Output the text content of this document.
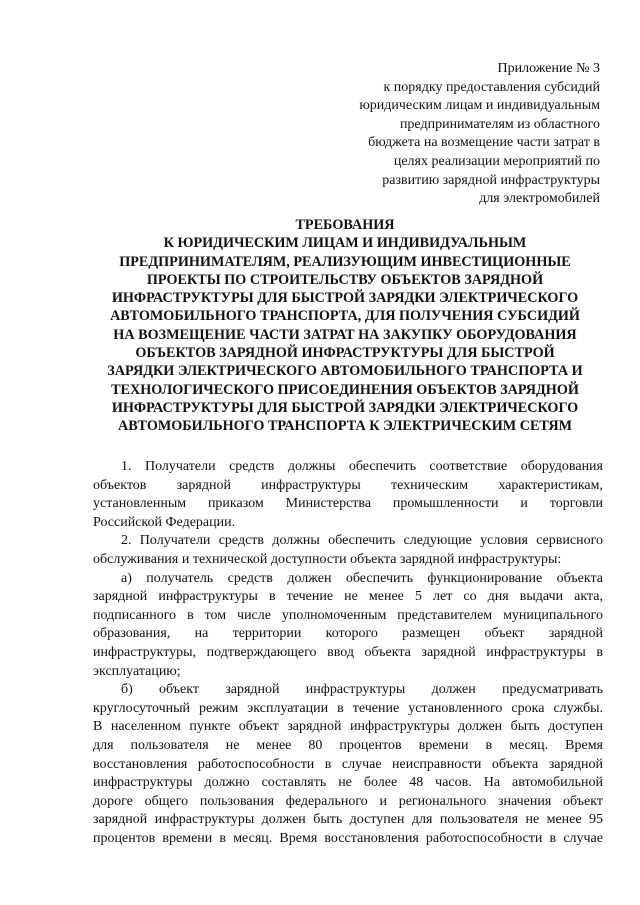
Приложение № 3
к порядку предоставления субсидий
юридическим лицам и индивидуальным
предпринимателям из областного
бюджета на возмещение части затрат в
целях реализации мероприятий по
развитию зарядной инфраструктуры
для электромобилей
ТРЕБОВАНИЯ
К ЮРИДИЧЕСКИМ ЛИЦАМ И ИНДИВИДУАЛЬНЫМ
ПРЕДПРИНИМАТЕЛЯМ, РЕАЛИЗУЮЩИМ ИНВЕСТИЦИОННЫЕ
ПРОЕКТЫ ПО СТРОИТЕЛЬСТВУ ОБЪЕКТОВ ЗАРЯДНОЙ
ИНФРАСТРУКТУРЫ ДЛЯ БЫСТРОЙ ЗАРЯДКИ ЭЛЕКТРИЧЕСКОГО
АВТОМОБИЛЬНОГО ТРАНСПОРТА, ДЛЯ ПОЛУЧЕНИЯ СУБСИДИЙ
НА ВОЗМЕЩЕНИЕ ЧАСТИ ЗАТРАТ НА ЗАКУПКУ ОБОРУДОВАНИЯ
ОБЪЕКТОВ ЗАРЯДНОЙ ИНФРАСТРУКТУРЫ ДЛЯ БЫСТРОЙ
ЗАРЯДКИ ЭЛЕКТРИЧЕСКОГО АВТОМОБИЛЬНОГО ТРАНСПОРТА И
ТЕХНОЛОГИЧЕСКОГО ПРИСОЕДИНЕНИЯ ОБЪЕКТОВ ЗАРЯДНОЙ
ИНФРАСТРУКТУРЫ ДЛЯ БЫСТРОЙ ЗАРЯДКИ ЭЛЕКТРИЧЕСКОГО
АВТОМОБИЛЬНОГО ТРАНСПОРТА К ЭЛЕКТРИЧЕСКИМ СЕТЯМ
1. Получатели средств должны обеспечить соответствие оборудования
объектов зарядной инфраструктуры техническим характеристикам,
установленным приказом Министерства промышленности и торговли
Российской Федерации.
2. Получатели средств должны обеспечить следующие условия сервисного
обслуживания и технической доступности объекта зарядной инфраструктуры:
а) получатель средств должен обеспечить функционирование объекта
зарядной инфраструктуры в течение не менее 5 лет со дня выдачи акта,
подписанного в том числе уполномоченным представителем муниципального
образования, на территории которого размещен объект зарядной
инфраструктуры, подтверждающего ввод объекта зарядной инфраструктуры в
эксплуатацию;
б) объект зарядной инфраструктуры должен предусматривать
круглосуточный режим эксплуатации в течение установленного срока службы.
В населенном пункте объект зарядной инфраструктуры должен быть доступен
для пользователя не менее 80 процентов времени в месяц. Время
восстановления работоспособности в случае неисправности объекта зарядной
инфраструктуры должно составлять не более 48 часов. На автомобильной
дороге общего пользования федерального и регионального значения объект
зарядной инфраструктуры должен быть доступен для пользователя не менее 95
процентов времени в месяц. Время восстановления работоспособности в случае
